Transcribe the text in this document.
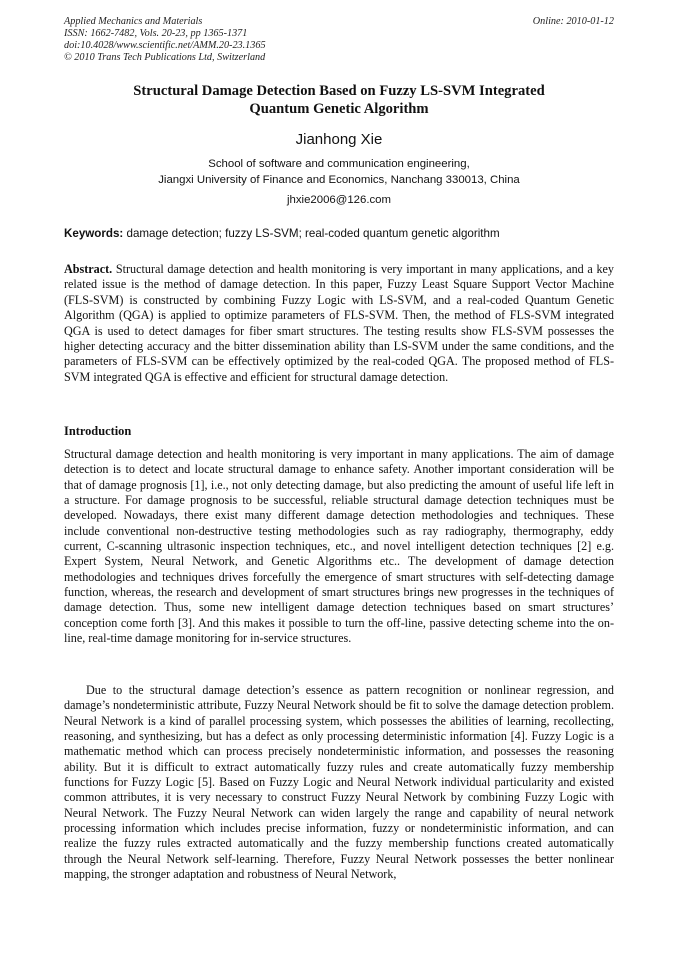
Applied Mechanics and Materials
ISSN: 1662-7482, Vols. 20-23, pp 1365-1371
doi:10.4028/www.scientific.net/AMM.20-23.1365
© 2010 Trans Tech Publications Ltd, Switzerland
Online: 2010-01-12
Structural Damage Detection Based on Fuzzy LS-SVM Integrated
Quantum Genetic Algorithm
Jianhong Xie
School of software and communication engineering,
Jiangxi University of Finance and Economics, Nanchang 330013, China
jhxie2006@126.com
Keywords: damage detection; fuzzy LS-SVM; real-coded quantum genetic algorithm
Abstract. Structural damage detection and health monitoring is very important in many applications, and a key related issue is the method of damage detection. In this paper, Fuzzy Least Square Support Vector Machine (FLS-SVM) is constructed by combining Fuzzy Logic with LS-SVM, and a real-coded Quantum Genetic Algorithm (QGA) is applied to optimize parameters of FLS-SVM. Then, the method of FLS-SVM integrated QGA is used to detect damages for fiber smart structures. The testing results show FLS-SVM possesses the higher detecting accuracy and the bitter dissemination ability than LS-SVM under the same conditions, and the parameters of FLS-SVM can be effectively optimized by the real-coded QGA. The proposed method of FLS-SVM integrated QGA is effective and efficient for structural damage detection.
Introduction

Structural damage detection and health monitoring is very important in many applications. The aim of damage detection is to detect and locate structural damage to enhance safety. Another important consideration will be that of damage prognosis [1], i.e., not only detecting damage, but also predicting the amount of useful life left in a structure. For damage prognosis to be successful, reliable structural damage detection techniques must be developed. Nowadays, there exist many different damage detection methodologies and techniques. These include conventional non-destructive testing methodologies such as ray radiography, thermography, eddy current, C-scanning ultrasonic inspection techniques, etc., and novel intelligent detection techniques [2] e.g. Expert System, Neural Network, and Genetic Algorithms etc.. The development of damage detection methodologies and techniques drives forcefully the emergence of smart structures with self-detecting damage function, whereas, the research and development of smart structures brings new progresses in the techniques of damage detection. Thus, some new intelligent damage detection techniques based on smart structures’ conception come forth [3]. And this makes it possible to turn the off-line, passive detecting scheme into the on-line, real-time damage monitoring for in-service structures.

Due to the structural damage detection’s essence as pattern recognition or nonlinear regression, and damage’s nondeterministic attribute, Fuzzy Neural Network should be fit to solve the damage detection problem. Neural Network is a kind of parallel processing system, which possesses the abilities of learning, recollecting, reasoning, and synthesizing, but has a defect as only processing deterministic information [4]. Fuzzy Logic is a mathematic method which can process precisely nondeterministic information, and possesses the reasoning ability. But it is difficult to extract automatically fuzzy rules and create automatically fuzzy membership functions for Fuzzy Logic [5]. Based on Fuzzy Logic and Neural Network individual particularity and existed common attributes, it is very necessary to construct Fuzzy Neural Network by combining Fuzzy Logic with Neural Network. The Fuzzy Neural Network can widen largely the range and capability of neural network processing information which includes precise information, fuzzy or nondeterministic information, and can realize the fuzzy rules extracted automatically and the fuzzy membership functions created automatically through the Neural Network self-learning. Therefore, Fuzzy Neural Network possesses the better nonlinear mapping, the stronger adaptation and robustness of Neural Network,
